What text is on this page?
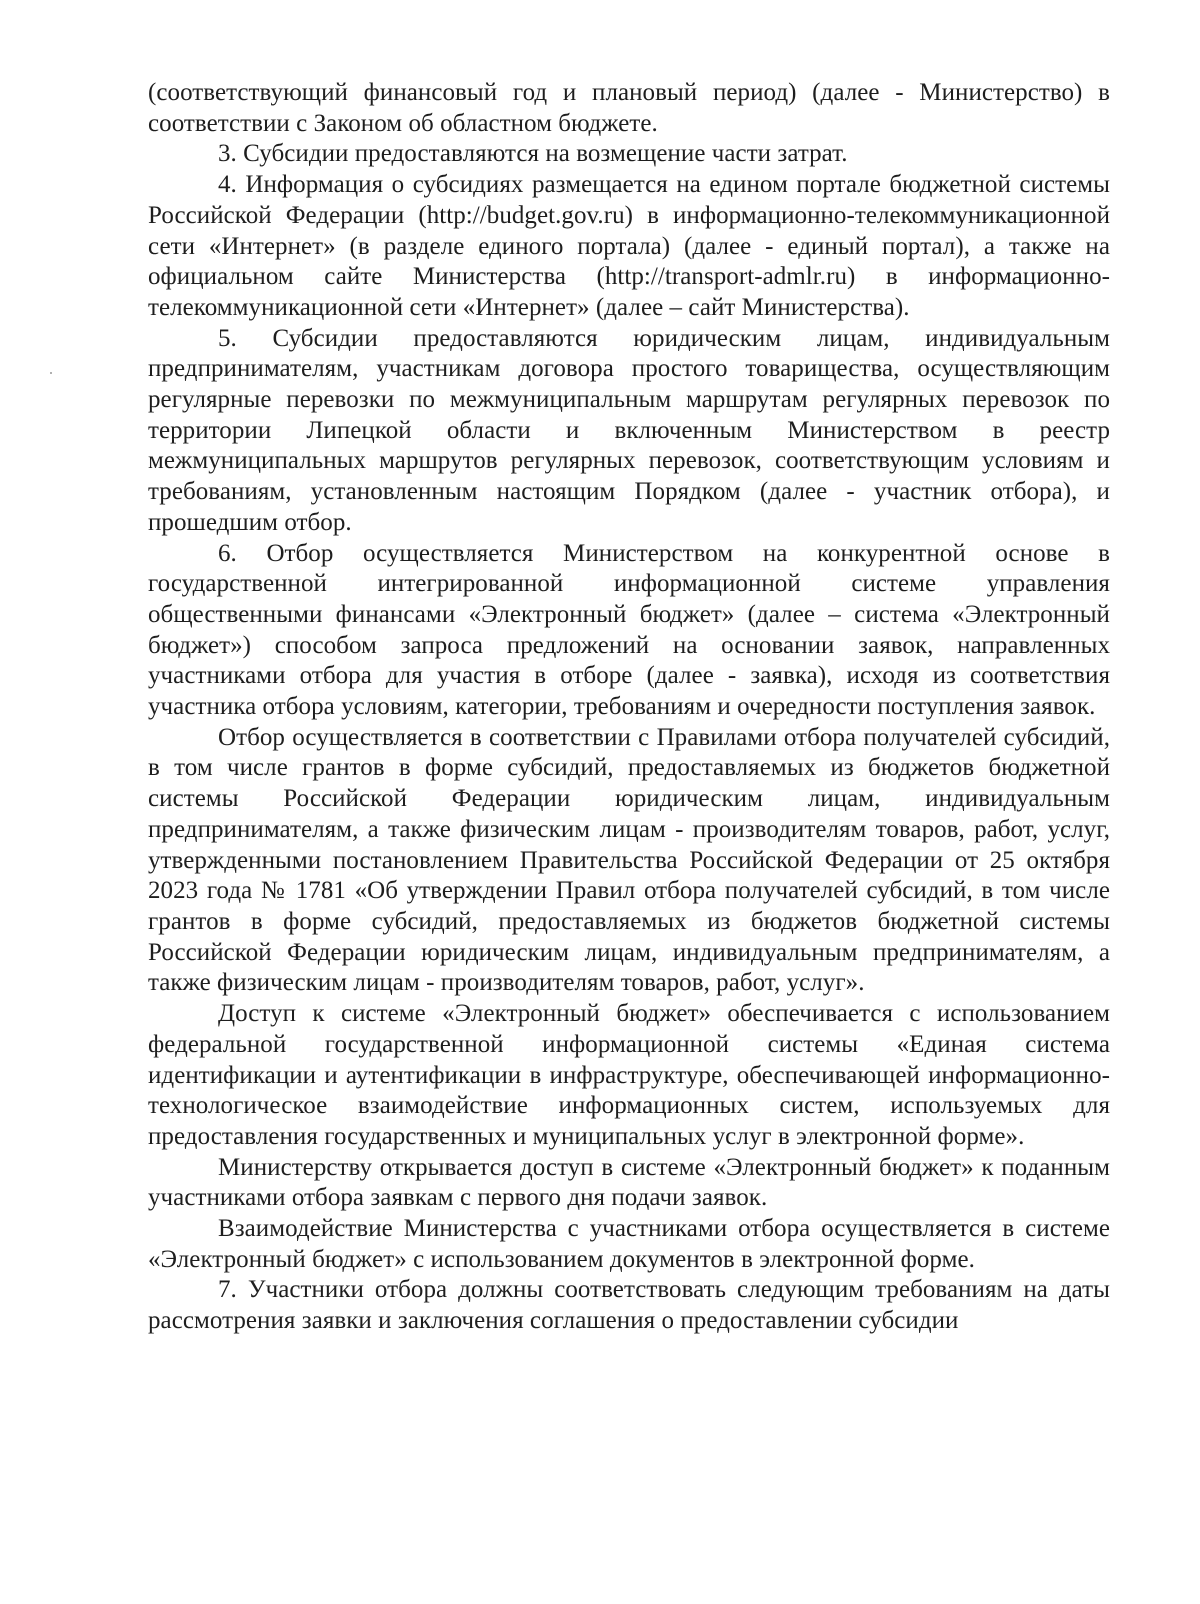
(соответствующий финансовый год и плановый период) (далее - Министерство) в соответствии с Законом об областном бюджете.

3. Субсидии предоставляются на возмещение части затрат.

4. Информация о субсидиях размещается на едином портале бюджетной системы Российской Федерации (http://budget.gov.ru) в информационно-телекоммуникационной сети «Интернет» (в разделе единого портала) (далее - единый портал), а также на официальном сайте Министерства (http://transport-admlr.ru) в информационно-телекоммуникационной сети «Интернет» (далее – сайт Министерства).

5. Субсидии предоставляются юридическим лицам, индивидуальным предпринимателям, участникам договора простого товарищества, осуществляющим регулярные перевозки по межмуниципальным маршрутам регулярных перевозок по территории Липецкой области и включенным Министерством в реестр межмуниципальных маршрутов регулярных перевозок, соответствующим условиям и требованиям, установленным настоящим Порядком (далее - участник отбора), и прошедшим отбор.

6. Отбор осуществляется Министерством на конкурентной основе в государственной интегрированной информационной системе управления общественными финансами «Электронный бюджет» (далее – система «Электронный бюджет») способом запроса предложений на основании заявок, направленных участниками отбора для участия в отборе (далее - заявка), исходя из соответствия участника отбора условиям, категории, требованиям и очередности поступления заявок.

Отбор осуществляется в соответствии с Правилами отбора получателей субсидий, в том числе грантов в форме субсидий, предоставляемых из бюджетов бюджетной системы Российской Федерации юридическим лицам, индивидуальным предпринимателям, а также физическим лицам - производителям товаров, работ, услуг, утвержденными постановлением Правительства Российской Федерации от 25 октября 2023 года № 1781 «Об утверждении Правил отбора получателей субсидий, в том числе грантов в форме субсидий, предоставляемых из бюджетов бюджетной системы Российской Федерации юридическим лицам, индивидуальным предпринимателям, а также физическим лицам - производителям товаров, работ, услуг».

Доступ к системе «Электронный бюджет» обеспечивается с использованием федеральной государственной информационной системы «Единая система идентификации и аутентификации в инфраструктуре, обеспечивающей информационно-технологическое взаимодействие информационных систем, используемых для предоставления государственных и муниципальных услуг в электронной форме».

Министерству открывается доступ в системе «Электронный бюджет» к поданным участниками отбора заявкам с первого дня подачи заявок.

Взаимодействие Министерства с участниками отбора осуществляется в системе «Электронный бюджет» с использованием документов в электронной форме.

7. Участники отбора должны соответствовать следующим требованиям на даты рассмотрения заявки и заключения соглашения о предоставлении субсидии
